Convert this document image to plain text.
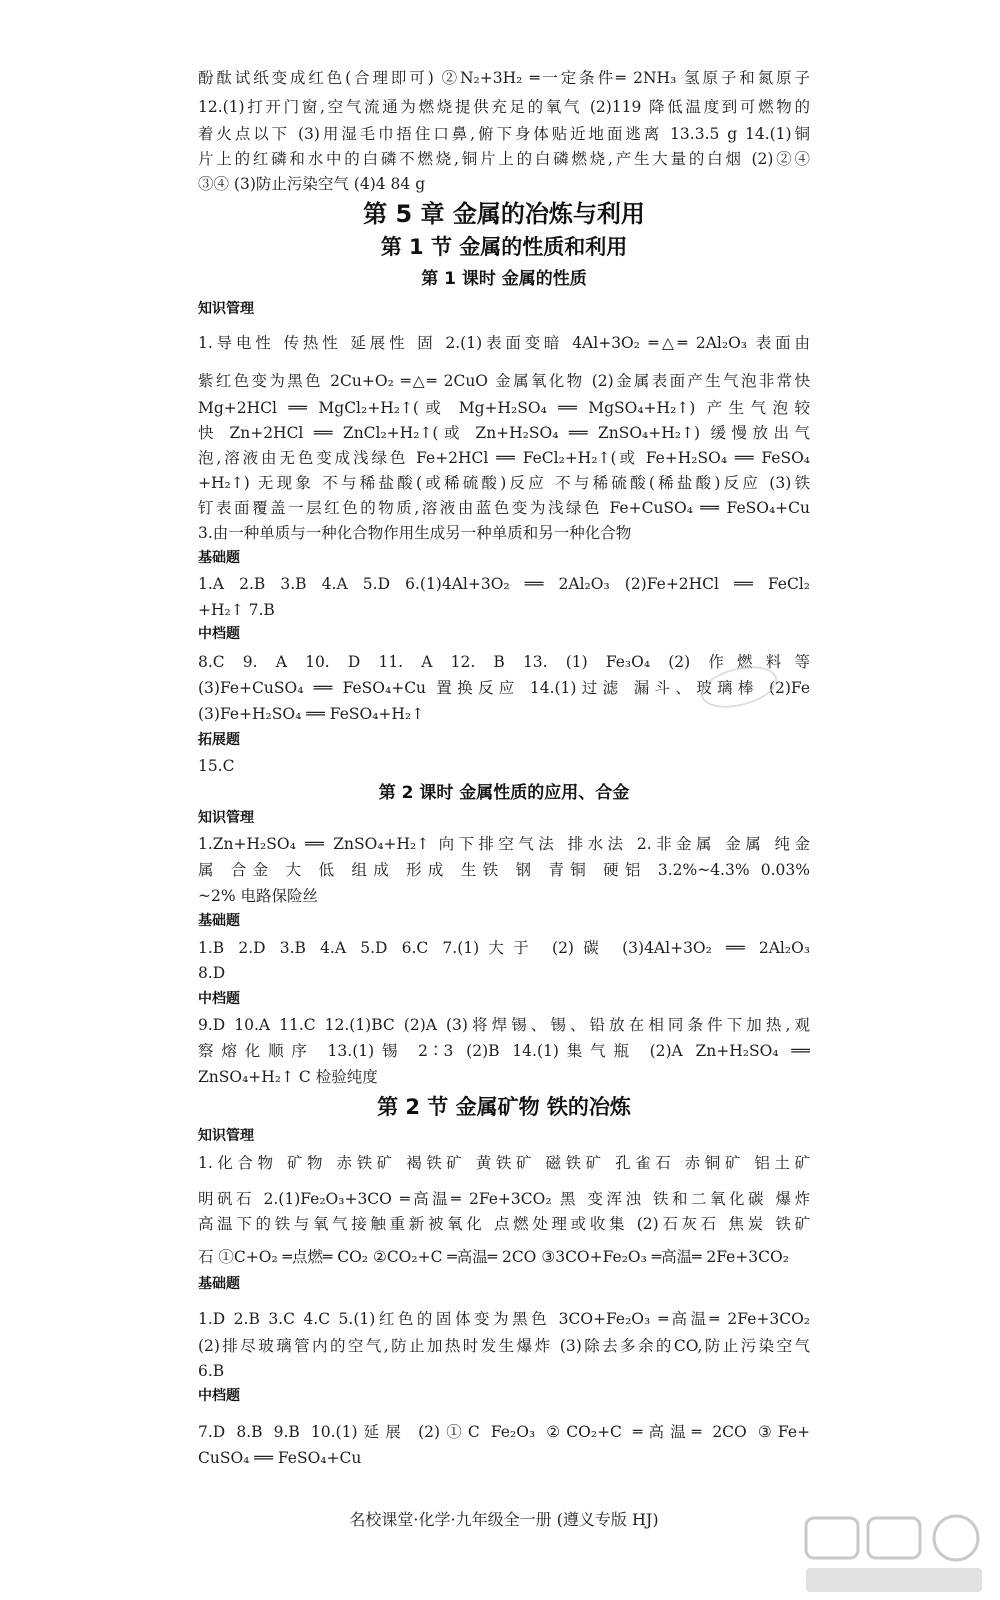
酚酞试纸变成红色(合理即可) ②N₂+3H₂ ═一定条件═ 2NH₃ 氢原子和氮原子
12.(1)打开门窗,空气流通为燃烧提供充足的氧气 (2)119 降低温度到可燃物的
着火点以下 (3)用湿毛巾捂住口鼻,俯下身体贴近地面逃离 13.3.5 g 14.(1)铜
片上的红磷和水中的白磷不燃烧,铜片上的白磷燃烧,产生大量的白烟 (2)②④
③④ (3)防止污染空气 (4)4 84 g
第 5 章 金属的冶炼与利用
第 1 节 金属的性质和利用
第 1 课时 金属的性质
知识管理
1.导电性 传热性 延展性 固 2.(1)表面变暗 4Al+3O₂ ═△═ 2Al₂O₃ 表面由
紫红色变为黑色 2Cu+O₂ ═△═ 2CuO 金属氧化物 (2)金属表面产生气泡非常快
Mg+2HCl ══ MgCl₂+H₂↑(或 Mg+H₂SO₄ ══ MgSO₄+H₂↑) 产生气泡较
快 Zn+2HCl ══ ZnCl₂+H₂↑(或 Zn+H₂SO₄ ══ ZnSO₄+H₂↑) 缓慢放出气
泡,溶液由无色变成浅绿色 Fe+2HCl ══ FeCl₂+H₂↑(或 Fe+H₂SO₄ ══ FeSO₄
+H₂↑) 无现象 不与稀盐酸(或稀硫酸)反应 不与稀硫酸(稀盐酸)反应 (3)铁
钉表面覆盖一层红色的物质,溶液由蓝色变为浅绿色 Fe+CuSO₄ ══ FeSO₄+Cu
3.由一种单质与一种化合物作用生成另一种单质和另一种化合物
基础题
1.A 2.B 3.B 4.A 5.D 6.(1)4Al+3O₂ ══ 2Al₂O₃ (2)Fe+2HCl ══ FeCl₂
+H₂↑ 7.B
中档题
8.C 9. A 10. D 11. A 12. B 13. (1) Fe₃O₄ (2) 作燃料等
(3)Fe+CuSO₄ ══ FeSO₄+Cu 置换反应 14.(1)过滤 漏斗、玻璃棒 (2)Fe
(3)Fe+H₂SO₄ ══ FeSO₄+H₂↑
拓展题
15.C
第 2 课时 金属性质的应用、合金
知识管理
1.Zn+H₂SO₄ ══ ZnSO₄+H₂↑ 向下排空气法 排水法 2.非金属 金属 纯金
属 合金 大 低 组成 形成 生铁 钢 青铜 硬铝 3.2%~4.3% 0.03%
~2% 电路保险丝
基础题
1.B 2.D 3.B 4.A 5.D 6.C 7.(1)大于 (2)碳 (3)4Al+3O₂ ══ 2Al₂O₃
8.D
中档题
9.D 10.A 11.C 12.(1)BC (2)A (3)将焊锡、锡、铅放在相同条件下加热,观
察熔化顺序 13.(1)锡 2∶3 (2)B 14.(1)集气瓶 (2)A Zn+H₂SO₄ ══
ZnSO₄+H₂↑ C 检验纯度
第 2 节 金属矿物 铁的冶炼
知识管理
1.化合物 矿物 赤铁矿 褐铁矿 黄铁矿 磁铁矿 孔雀石 赤铜矿 铝土矿
明矾石 2.(1)Fe₂O₃+3CO ═高温═ 2Fe+3CO₂ 黑 变浑浊 铁和二氧化碳 爆炸
高温下的铁与氧气接触重新被氧化 点燃处理或收集 (2)石灰石 焦炭 铁矿
石 ①C+O₂ ═点燃═ CO₂ ②CO₂+C ═高温═ 2CO ③3CO+Fe₂O₃ ═高温═ 2Fe+3CO₂
基础题
1.D 2.B 3.C 4.C 5.(1)红色的固体变为黑色 3CO+Fe₂O₃ ═高温═ 2Fe+3CO₂
(2)排尽玻璃管内的空气,防止加热时发生爆炸 (3)除去多余的CO,防止污染空气
6.B
中档题
7.D 8.B 9.B 10.(1)延展 (2)①C Fe₂O₃ ②CO₂+C ═高温═ 2CO ③Fe+
CuSO₄ ══ FeSO₄+Cu
名校课堂·化学·九年级全一册 (遵义专版 HJ)
